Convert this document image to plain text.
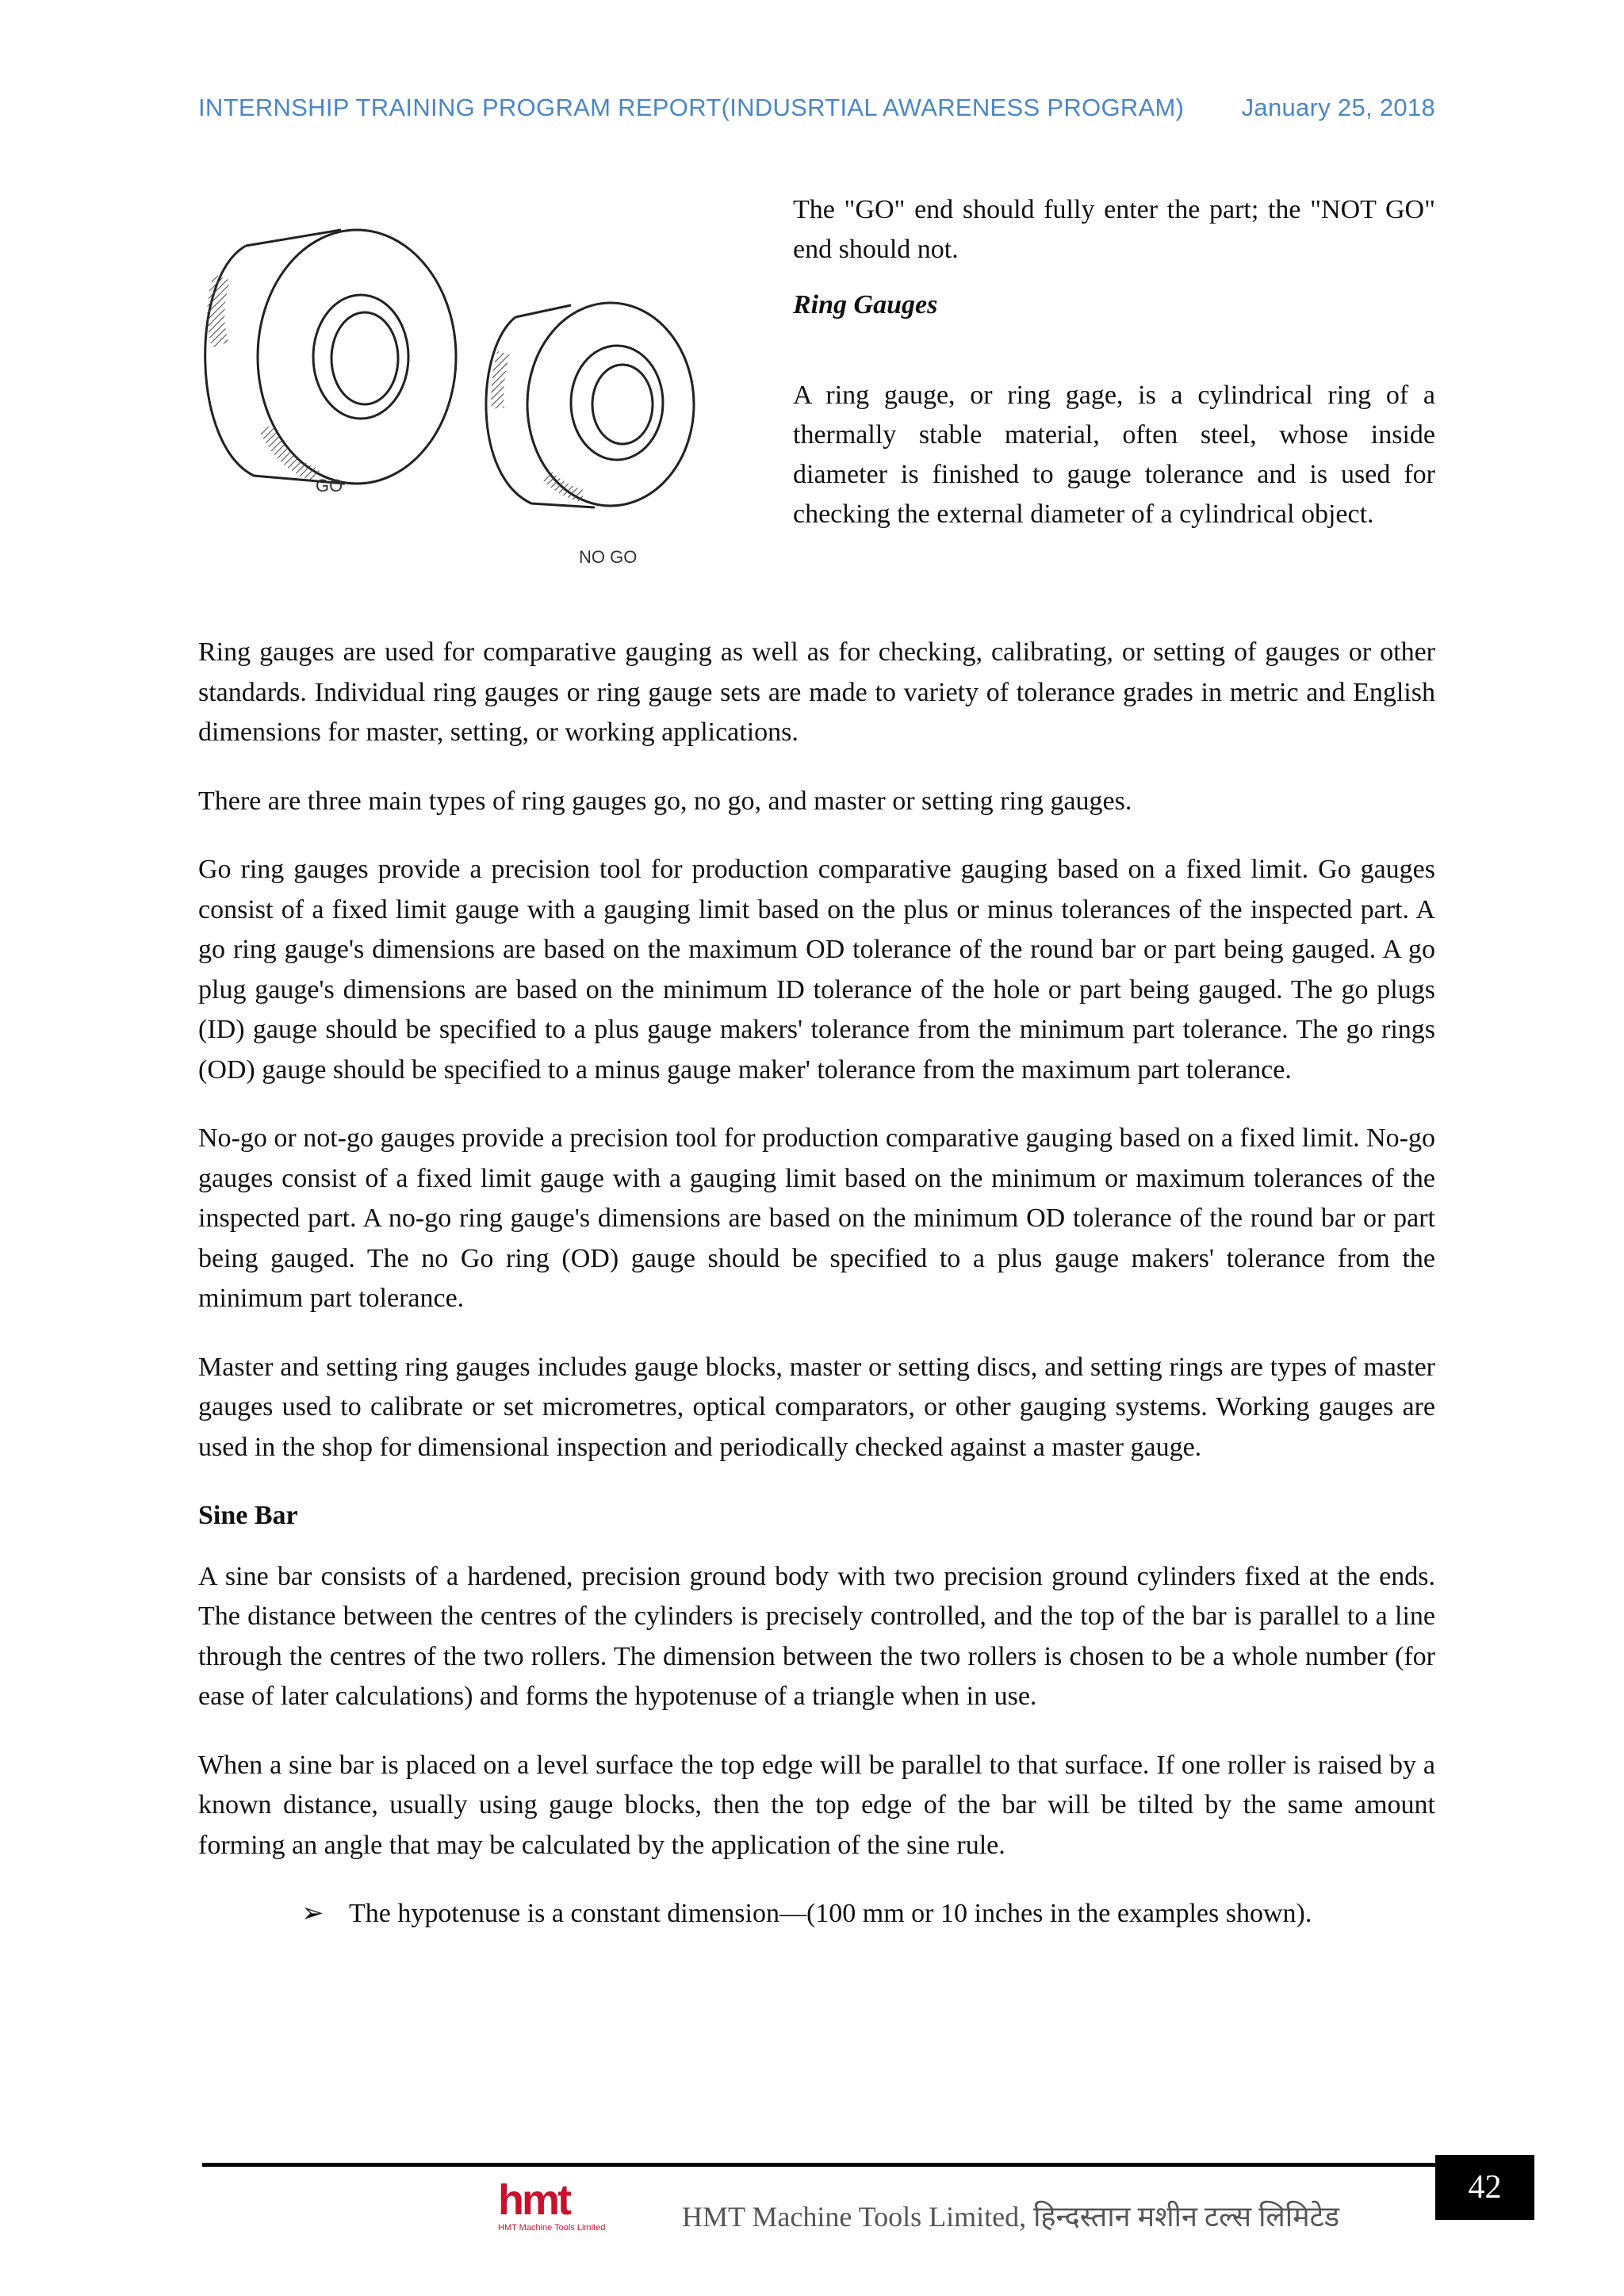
INTERNSHIP TRAINING PROGRAM REPORT(INDUSRTIAL AWARENESS PROGRAM) January 25, 2018
GO
NO GO

The "GO" end should fully enter the part; the "NOT GO" end should not.

Ring Gauges

A ring gauge, or ring gage, is a cylindrical ring of a thermally stable material, often steel, whose inside diameter is finished to gauge tolerance and is used for checking the external diameter of a cylindrical object.

Ring gauges are used for comparative gauging as well as for checking, calibrating, or setting of gauges or other standards. Individual ring gauges or ring gauge sets are made to variety of tolerance grades in metric and English dimensions for master, setting, or working applications.

There are three main types of ring gauges go, no go, and master or setting ring gauges.

Go ring gauges provide a precision tool for production comparative gauging based on a fixed limit. Go gauges consist of a fixed limit gauge with a gauging limit based on the plus or minus tolerances of the inspected part. A go ring gauge's dimensions are based on the maximum OD tolerance of the round bar or part being gauged. A go plug gauge's dimensions are based on the minimum ID tolerance of the hole or part being gauged. The go plugs (ID) gauge should be specified to a plus gauge makers' tolerance from the minimum part tolerance. The go rings (OD) gauge should be specified to a minus gauge maker' tolerance from the maximum part tolerance.

No-go or not-go gauges provide a precision tool for production comparative gauging based on a fixed limit. No-go gauges consist of a fixed limit gauge with a gauging limit based on the minimum or maximum tolerances of the inspected part. A no-go ring gauge's dimensions are based on the minimum OD tolerance of the round bar or part being gauged. The no Go ring (OD) gauge should be specified to a plus gauge makers' tolerance from the minimum part tolerance.

Master and setting ring gauges includes gauge blocks, master or setting discs, and setting rings are types of master gauges used to calibrate or set micrometres, optical comparators, or other gauging systems. Working gauges are used in the shop for dimensional inspection and periodically checked against a master gauge.

Sine Bar

A sine bar consists of a hardened, precision ground body with two precision ground cylinders fixed at the ends. The distance between the centres of the cylinders is precisely controlled, and the top of the bar is parallel to a line through the centres of the two rollers. The dimension between the two rollers is chosen to be a whole number (for ease of later calculations) and forms the hypotenuse of a triangle when in use.

When a sine bar is placed on a level surface the top edge will be parallel to that surface. If one roller is raised by a known distance, usually using gauge blocks, then the top edge of the bar will be tilted by the same amount forming an angle that may be calculated by the application of the sine rule.

➢ The hypotenuse is a constant dimension—(100 mm or 10 inches in the examples shown).
hmt
HMT Machine Tools Limited	HMT Machine Tools Limited, हिन्दस्तान मशीन टल्स लिमिटेड
42
